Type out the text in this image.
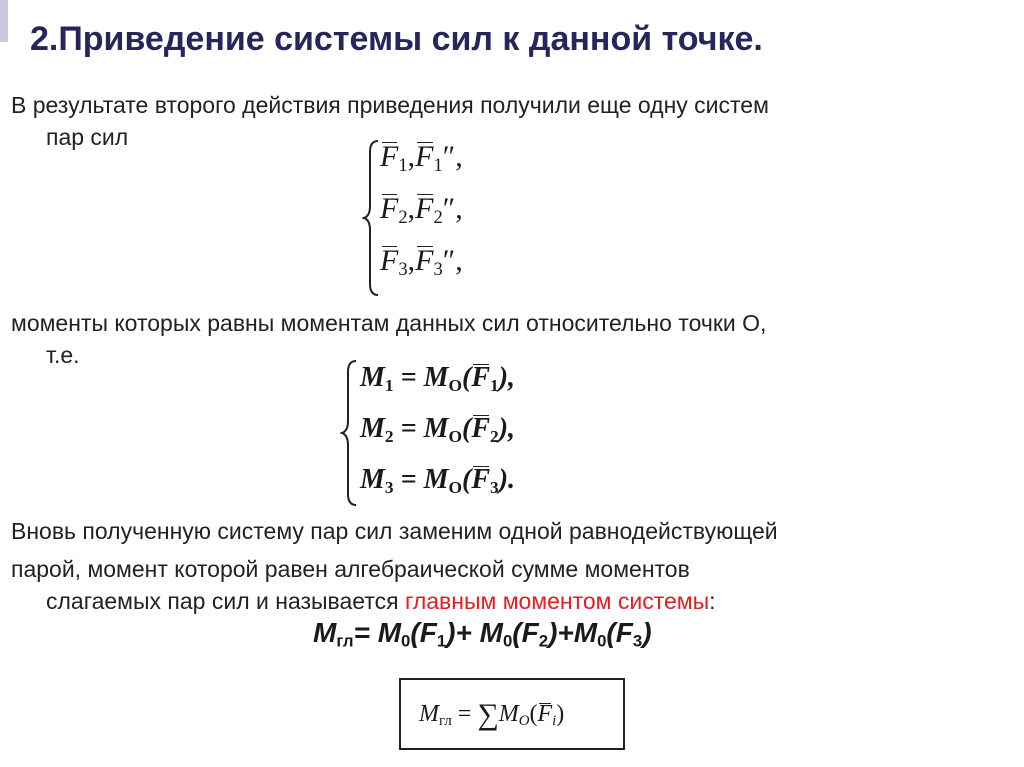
2.Приведение системы сил к данной точке.
В результате второго действия приведения получили еще одну систем
пар сил
$F_1$,
$F_1''$,
$F_2$,
$F_2''$,
$F_3$,
$F_3''$,
моменты которых равны моментам данных сил относительно точки О,
т.е.
$M_1 = M_O$(
$F_1$),
$M_2 = M_O$(
$F_2$),
$M_3 = M_O$(
$F_3$).
Вновь полученную систему пар сил заменим одной равнодействующей
парой, момент которой равен алгебраической сумме моментов
слагаемых пар сил и называется главным моментом системы:
$M_{гл}= M_0(F_1)+ M_0(F_2)+M_0(F_3)$
$M_{гл} = \sum M_O$(
$F_i$)
